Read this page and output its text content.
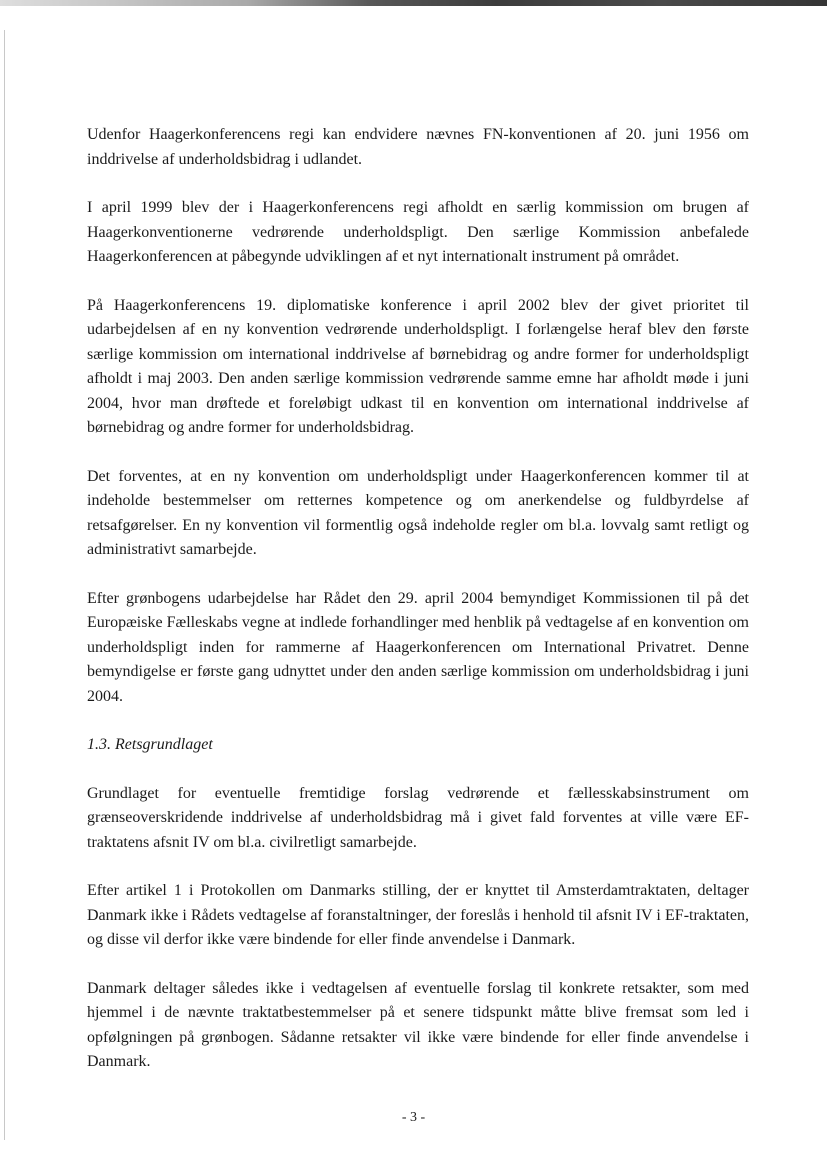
Udenfor Haagerkonferencens regi kan endvidere nævnes FN-konventionen af 20. juni 1956 om inddrivelse af underholdsbidrag i udlandet.

I april 1999 blev der i Haagerkonferencens regi afholdt en særlig kommission om brugen af Haagerkonventionerne vedrørende underholdspligt. Den særlige Kommission anbefalede Haagerkonferencen at påbegynde udviklingen af et nyt internationalt instrument på området.

På Haagerkonferencens 19. diplomatiske konference i april 2002 blev der givet prioritet til udarbejdelsen af en ny konvention vedrørende underholdspligt. I forlængelse heraf blev den første særlige kommission om international inddrivelse af børnebidrag og andre former for underholdspligt afholdt i maj 2003. Den anden særlige kommission vedrørende samme emne har afholdt møde i juni 2004, hvor man drøftede et foreløbigt udkast til en konvention om international inddrivelse af børnebidrag og andre former for underholdsbidrag.

Det forventes, at en ny konvention om underholdspligt under Haagerkonferencen kommer til at indeholde bestemmelser om retternes kompetence og om anerkendelse og fuldbyrdelse af retsafgørelser. En ny konvention vil formentlig også indeholde regler om bl.a. lovvalg samt retligt og administrativt samarbejde.

Efter grønbogens udarbejdelse har Rådet den 29. april 2004 bemyndiget Kommissionen til på det Europæiske Fælleskabs vegne at indlede forhandlinger med henblik på vedtagelse af en konvention om underholdspligt inden for rammerne af Haagerkonferencen om International Privatret. Denne bemyndigelse er første gang udnyttet under den anden særlige kommission om underholdsbidrag i juni 2004.

1.3. Retsgrundlaget

Grundlaget for eventuelle fremtidige forslag vedrørende et fællesskabsinstrument om grænseoverskridende inddrivelse af underholdsbidrag må i givet fald forventes at ville være EF-traktatens afsnit IV om bl.a. civilretligt samarbejde.

Efter artikel 1 i Protokollen om Danmarks stilling, der er knyttet til Amsterdamtraktaten, deltager Danmark ikke i Rådets vedtagelse af foranstaltninger, der foreslås i henhold til afsnit IV i EF-traktaten, og disse vil derfor ikke være bindende for eller finde anvendelse i Danmark.

Danmark deltager således ikke i vedtagelsen af eventuelle forslag til konkrete retsakter, som med hjemmel i de nævnte traktatbestemmelser på et senere tidspunkt måtte blive fremsat som led i opfølgningen på grønbogen. Sådanne retsakter vil ikke være bindende for eller finde anvendelse i Danmark.

- 3 -
